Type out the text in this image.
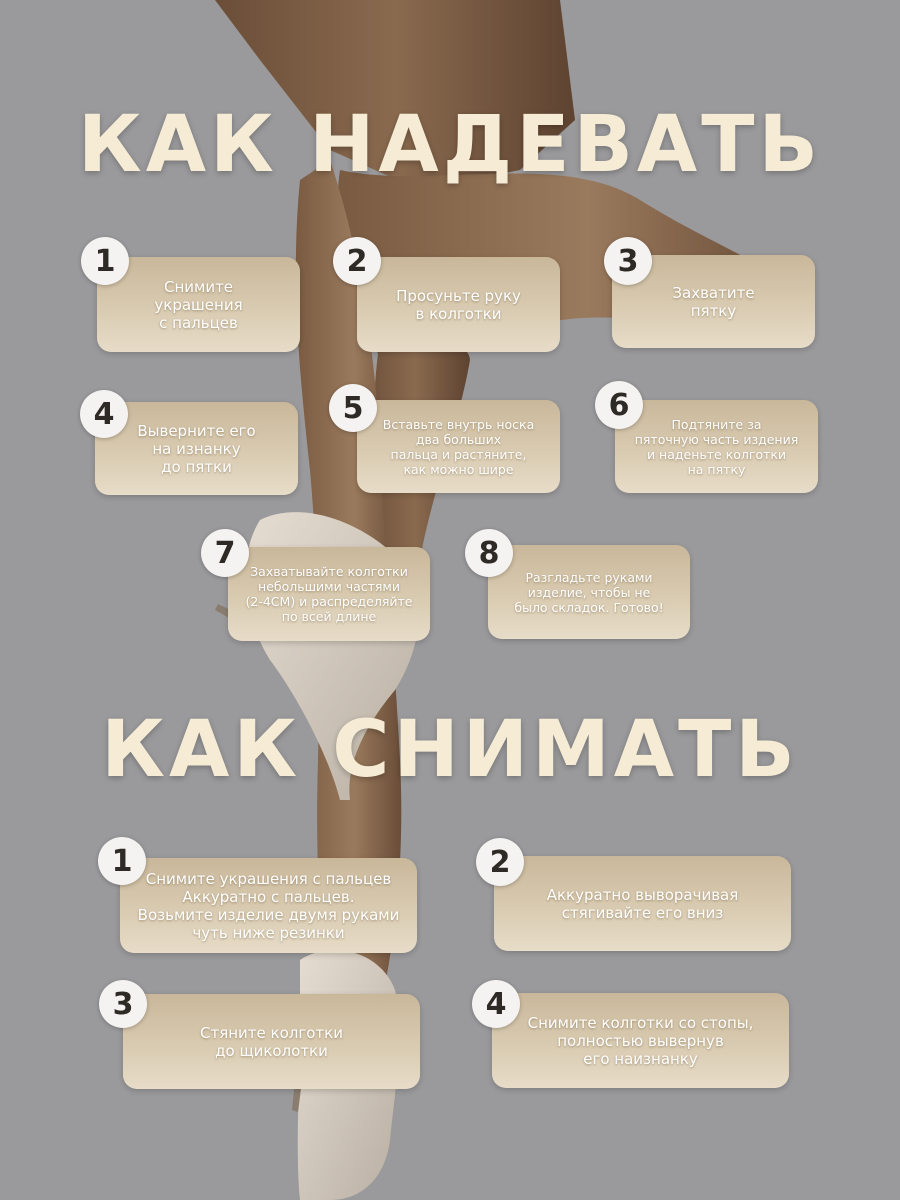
КАК НАДЕВАТЬ
Снимите
украшения
с пальцев
1
Просуньте руку
в колготки
2
Захватите
пятку
3
Выверните его
на изнанку
до пятки
4	Вставьте внутрь носка
два больших
пальца и растяните,
как можно шире
5	Подтяните за
пяточную часть издения
и наденьте колготки
на пятку
6
Захватывайте колготки
небольшими частями
(2-4СМ) и распределяйте
по всей длине
7
Разгладьте руками
изделие, чтобы не
было складок. Готово!
8
КАК СНИМАТЬ
Снимите украшения с пальцев
Аккуратно с пальцев.
Возьмите изделие двумя руками
чуть ниже резинки
1
Аккуратно выворачивая
стягивайте его вниз
2
Стяните колготки
до щиколотки
3
Снимите колготки со стопы,
полностью вывернув
его наизнанку
4
